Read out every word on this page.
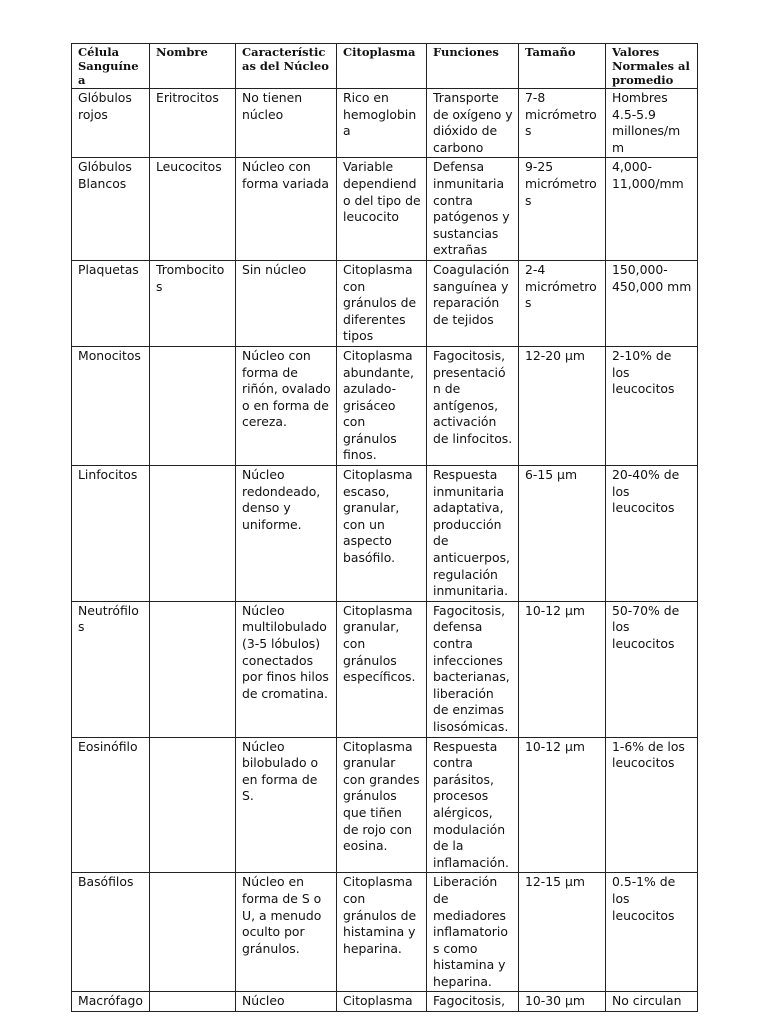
Célula Sanguínea	Nombre	Características del Núcleo	Citoplasma	Funciones	Tamaño	Valores Normales al promedio
Glóbulos rojos	Eritrocitos	No tienen núcleo	Rico en hemoglobina	Transporte de oxígeno y dióxido de carbono	7-8 micrómetros	Hombres 4.5-5.9 millones/mm
Glóbulos Blancos	Leucocitos	Núcleo con forma variada	Variable dependiendo del tipo de leucocito	Defensa inmunitaria contra patógenos y sustancias extrañas	9-25 micrómetros	4,000-11,000/mm
Plaquetas	Trombocitos	Sin núcleo	Citoplasma con gránulos de diferentes tipos	Coagulación sanguínea y reparación de tejidos	2-4 micrómetros	150,000-450,000 mm
Monocitos		Núcleo con forma de riñón, ovalado o en forma de cereza.	Citoplasma abundante, azulado-grisáceo con gránulos finos.	Fagocitosis, presentación de antígenos, activación de linfocitos.	12-20 µm	2-10% de los leucocitos
Linfocitos		Núcleo redondeado, denso y uniforme.	Citoplasma escaso, granular, con un aspecto basófilo.	Respuesta inmunitaria adaptativa, producción de anticuerpos, regulación inmunitaria.	6-15 µm	20-40% de los leucocitos
Neutrófilos		Núcleo multilobulado (3-5 lóbulos) conectados por finos hilos de cromatina.	Citoplasma granular, con gránulos específicos.	Fagocitosis, defensa contra infecciones bacterianas, liberación de enzimas lisosómicas.	10-12 µm	50-70% de los leucocitos
Eosinófilo		Núcleo bilobulado o en forma de S.	Citoplasma granular con grandes gránulos que tiñen de rojo con eosina.	Respuesta contra parásitos, procesos alérgicos, modulación de la inflamación.	10-12 µm	1-6% de los leucocitos
Basófilos		Núcleo en forma de S o U, a menudo oculto por gránulos.	Citoplasma con gránulos de histamina y heparina.	Liberación de mediadores inflamatorios como histamina y heparina.	12-15 µm	0.5-1% de los leucocitos
Macrófago		Núcleo	Citoplasma	Fagocitosis,	10-30 µm	No circulan
